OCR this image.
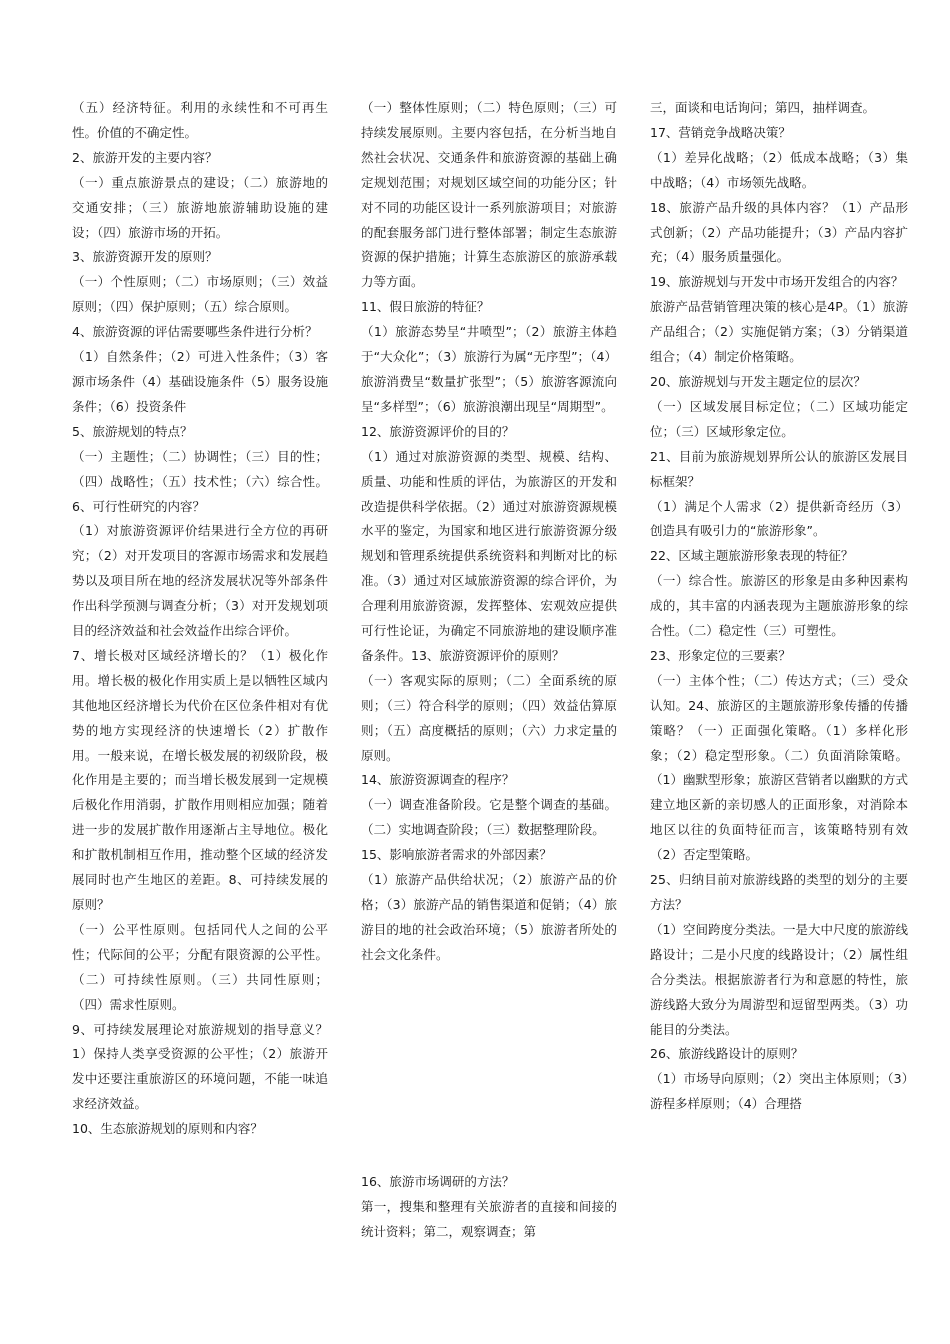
（五）经济特征。利用的永续性和不可再生性。价值的不确定性。

2、旅游开发的主要内容？

（一）重点旅游景点的建设；（二）旅游地的交通安排；（三）旅游地旅游辅助设施的建设；（四）旅游市场的开拓。

3、旅游资源开发的原则？

（一）个性原则；（二）市场原则；（三）效益原则；（四）保护原则；（五）综合原则。

4、旅游资源的评估需要哪些条件进行分析？

（1）自然条件；（2）可进入性条件；（3）客源市场条件（4）基础设施条件（5）服务设施条件；（6）投资条件

5、旅游规划的特点？

（一）主题性；（二）协调性；（三）目的性；（四）战略性；（五）技术性；（六）综合性。6、可行性研究的内容？

（1）对旅游资源评价结果进行全方位的再研究；（2）对开发项目的客源市场需求和发展趋势以及项目所在地的经济发展状况等外部条件作出科学预测与调查分析；（3）对开发规划项目的经济效益和社会效益作出综合评价。

7、增长极对区域经济增长的？（1）极化作用。增长极的极化作用实质上是以牺牲区域内其他地区经济增长为代价在区位条件相对有优势的地方实现经济的快速增长（2）扩散作用。一般来说，在增长极发展的初级阶段，极化作用是主要的；而当增长极发展到一定规模后极化作用消弱，扩散作用则相应加强；随着进一步的发展扩散作用逐渐占主导地位。极化和扩散机制相互作用，推动整个区域的经济发展同时也产生地区的差距。8、可持续发展的原则？

（一）公平性原则。包括同代人之间的公平性；代际间的公平；分配有限资源的公平性。（二）可持续性原则。（三）共同性原则；（四）需求性原则。

9、可持续发展理论对旅游规划的指导意义？1）保持人类享受资源的公平性；（2）旅游开发中还要注重旅游区的环境问题，不能一味追求经济效益。

10、生态旅游规划的原则和内容？

（一）整体性原则；（二）特色原则；（三）可持续发展原则。主要内容包括，在分析当地自然社会状况、交通条件和旅游资源的基础上确定规划范围；对规划区域空间的功能分区；针对不同的功能区设计一系列旅游项目；对旅游的配套服务部门进行整体部署；制定生态旅游资源的保护措施；计算生态旅游区的旅游承载力等方面。

11、假日旅游的特征？

（1）旅游态势呈“井喷型”；（2）旅游主体趋于“大众化”；（3）旅游行为属“无序型”；（4）旅游消费呈“数量扩张型”；（5）旅游客源流向呈“多样型”；（6）旅游浪潮出现呈“周期型”。

12、旅游资源评价的目的？

（1）通过对旅游资源的类型、规模、结构、质量、功能和性质的评估，为旅游区的开发和改造提供科学依据。（2）通过对旅游资源规模水平的鉴定，为国家和地区进行旅游资源分级规划和管理系统提供系统资料和判断对比的标准。（3）通过对区域旅游资源的综合评价，为合理利用旅游资源，发挥整体、宏观效应提供可行性论证，为确定不同旅游地的建设顺序准备条件。13、旅游资源评价的原则？

（一）客观实际的原则；（二）全面系统的原则；（三）符合科学的原则；（四）效益估算原则；（五）高度概括的原则；（六）力求定量的原则。

14、旅游资源调查的程序？

（一）调查准备阶段。它是整个调查的基础。（二）实地调查阶段；（三）数据整理阶段。

15、影响旅游者需求的外部因素？

（1）旅游产品供给状况；（2）旅游产品的价格；（3）旅游产品的销售渠道和促销；（4）旅游目的地的社会政治环境；（5）旅游者所处的社会文化条件。

16、旅游市场调研的方法？

第一，搜集和整理有关旅游者的直接和间接的统计资料；第二，观察调查；第

三，面谈和电话询问；第四，抽样调查。

17、营销竞争战略决策？

（1）差异化战略；（2）低成本战略；（3）集中战略；（4）市场领先战略。

18、旅游产品升级的具体内容？（1）产品形式创新；（2）产品功能提升；（3）产品内容扩充；（4）服务质量强化。

19、旅游规划与开发中市场开发组合的内容？

旅游产品营销管理决策的核心是4P。（1）旅游产品组合；（2）实施促销方案；（3）分销渠道组合；（4）制定价格策略。

20、旅游规划与开发主题定位的层次？

（一）区域发展目标定位；（二）区域功能定位；（三）区域形象定位。

21、目前为旅游规划界所公认的旅游区发展目标框架？

（1）满足个人需求（2）提供新奇经历（3）创造具有吸引力的“旅游形象”。

22、区域主题旅游形象表现的特征？

（一）综合性。旅游区的形象是由多种因素构成的，其丰富的内涵表现为主题旅游形象的综合性。（二）稳定性（三）可塑性。

23、形象定位的三要素？

（一）主体个性；（二）传达方式；（三）受众认知。24、旅游区的主题旅游形象传播的传播策略？（一）正面强化策略。（1）多样化形象；（2）稳定型形象。（二）负面消除策略。（1）幽默型形象；旅游区营销者以幽默的方式建立地区新的亲切感人的正面形象，对消除本地区以往的负面特征而言，该策略特别有效（2）否定型策略。

25、归纳目前对旅游线路的类型的划分的主要方法？

（1）空间跨度分类法。一是大中尺度的旅游线路设计；二是小尺度的线路设计；（2）属性组合分类法。根据旅游者行为和意愿的特性，旅游线路大致分为周游型和逗留型两类。（3）功能目的分类法。

26、旅游线路设计的原则？

（1）市场导向原则；（2）突出主体原则；（3）游程多样原则；（4）合理搭
